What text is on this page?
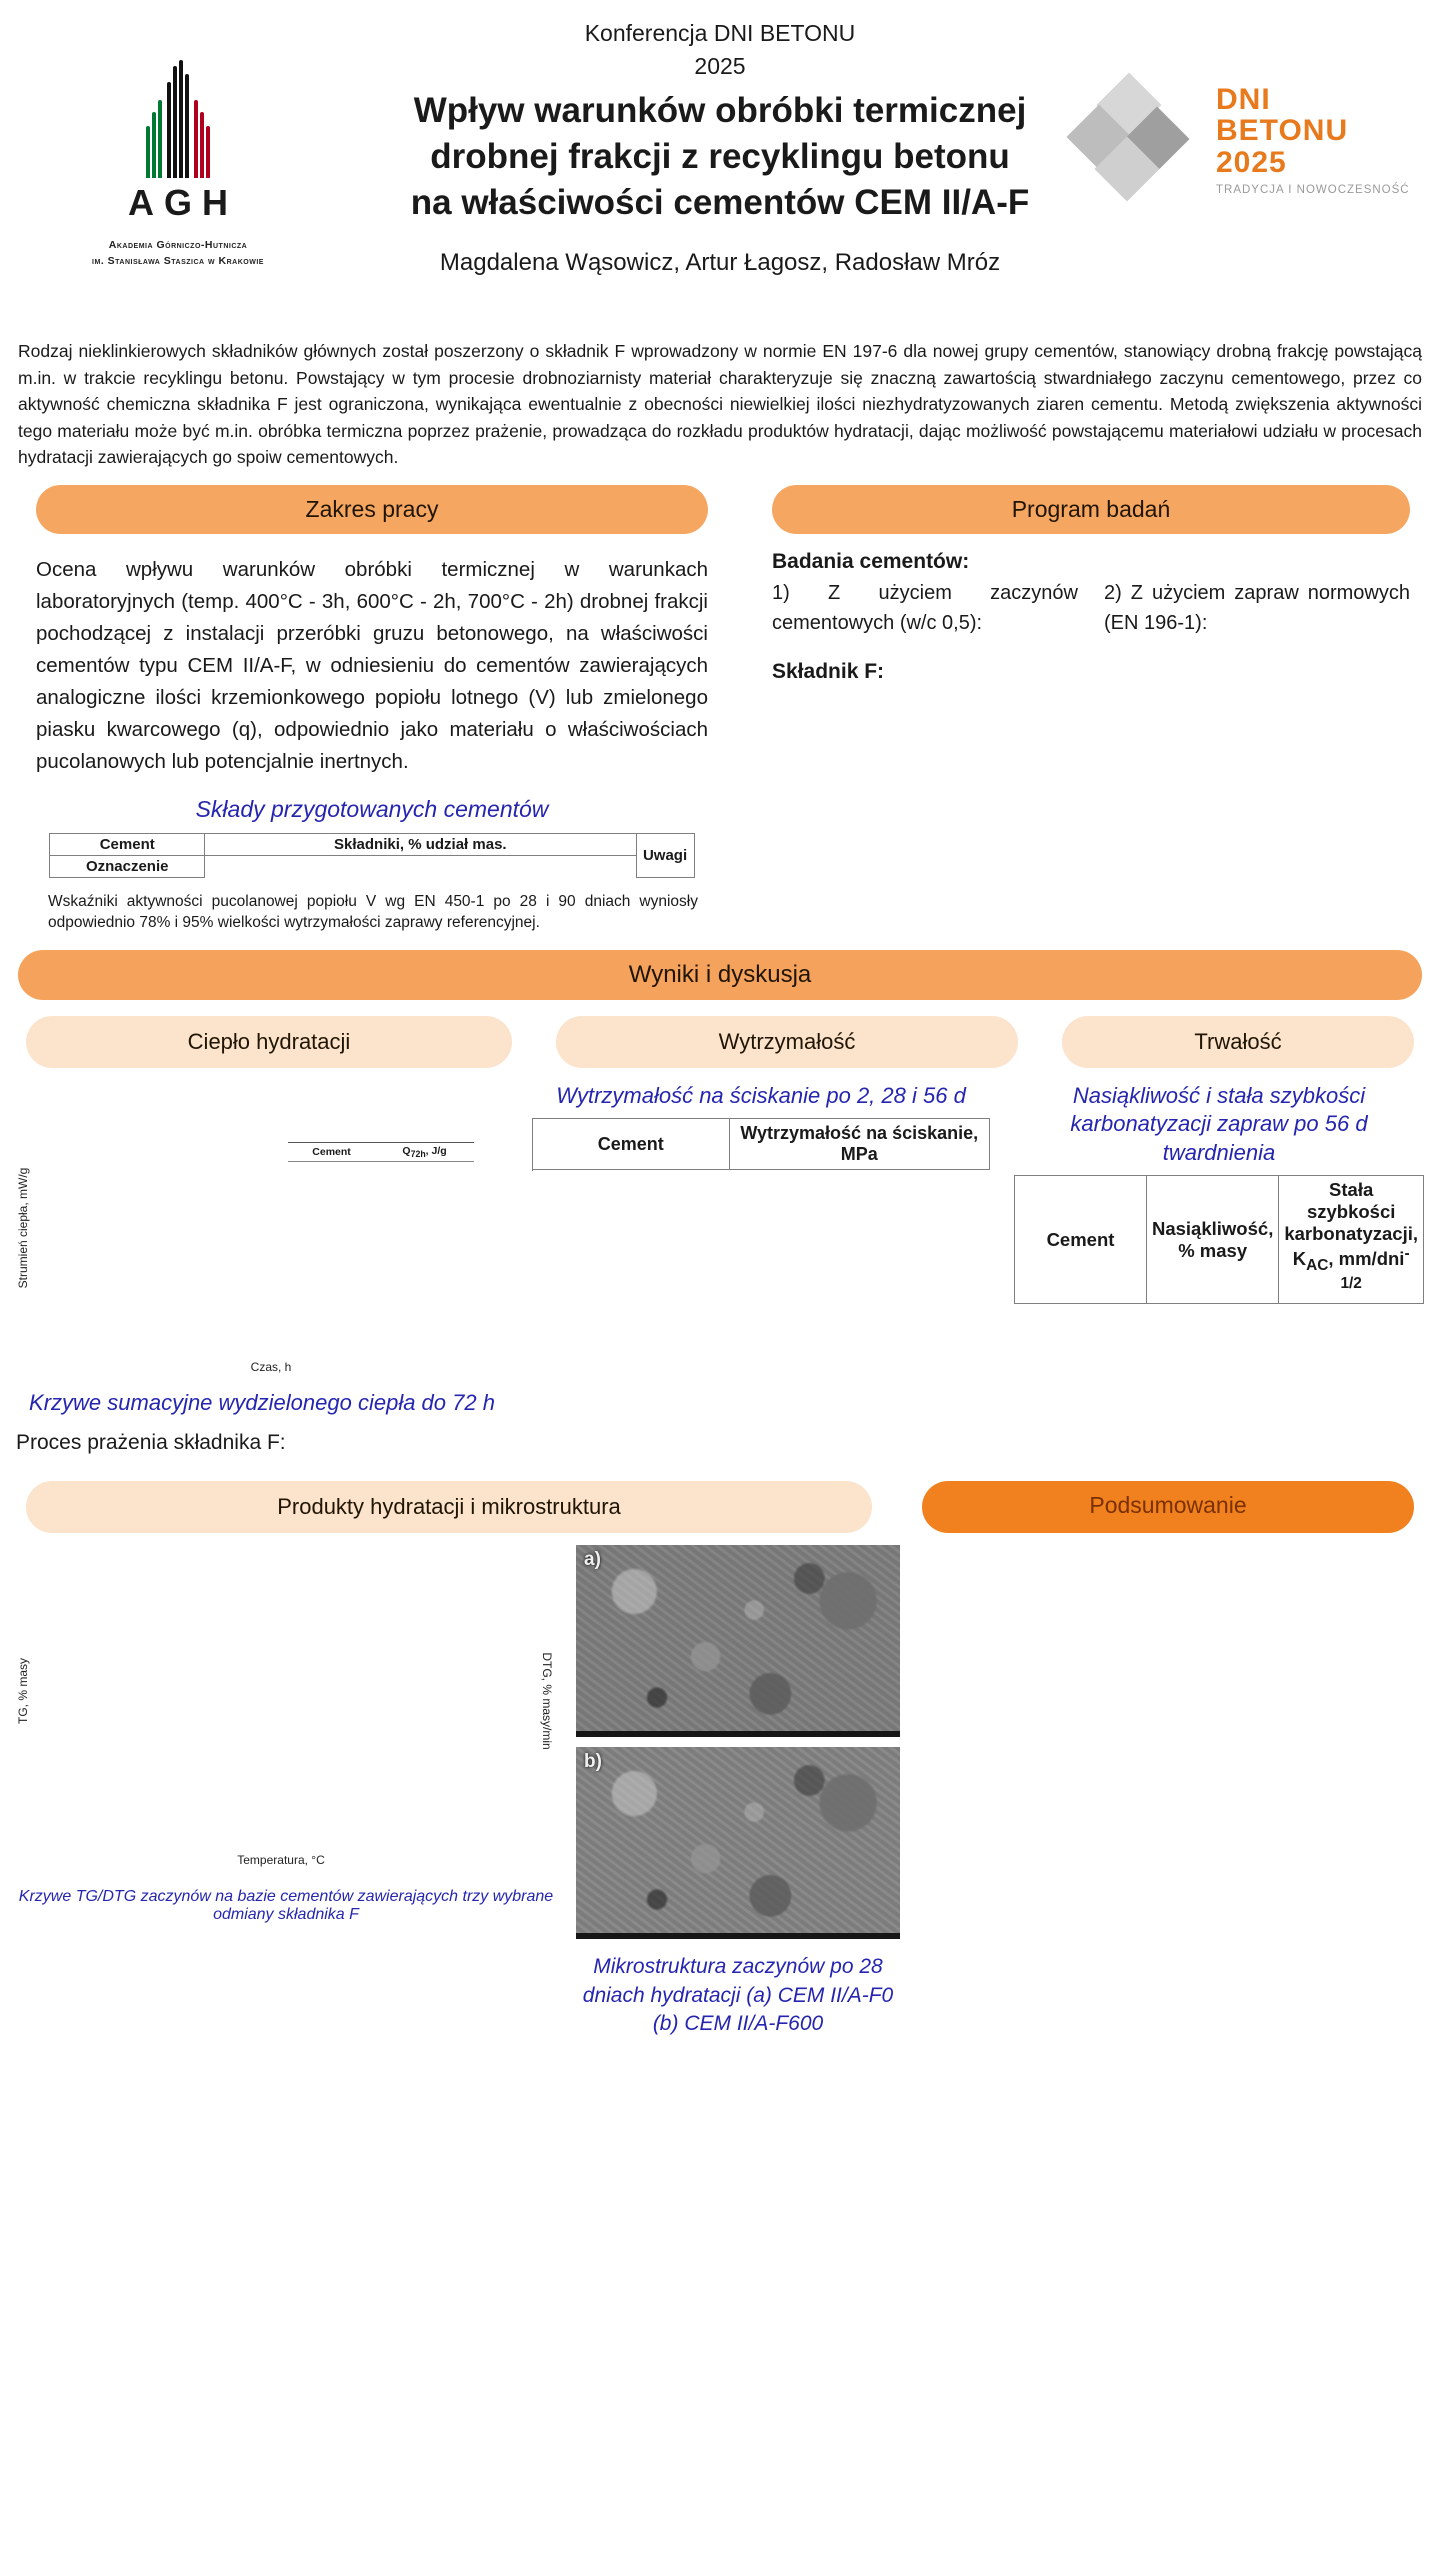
AGH
Akademia Górniczo-Hutnicza
im. Stanisława Staszica w Krakowie
Konferencja DNI BETONU
2025
Wpływ warunków obróbki termicznej
drobnej frakcji z recyklingu betonu
na właściwości cementów CEM II/A-F
Magdalena Wąsowicz, Artur Łagosz, Radosław Mróz
DNI
BETONU
2025
TRADYCJA I NOWOCZESNOŚĆ

Rodzaj nieklinkierowych składników głównych został poszerzony o składnik F wprowadzony w normie EN 197-6 dla nowej grupy cementów, stanowiący drobną frakcję powstającą m.in. w trakcie recyklingu betonu. Powstający w tym procesie drobnoziarnisty materiał charakteryzuje się znaczną zawartością stwardniałego zaczynu cementowego, przez co aktywność chemiczna składnika F jest ograniczona, wynikająca ewentualnie z obecności niewielkiej ilości niezhydratyzowanych ziaren cementu. Metodą zwiększenia aktywności tego materiału może być m.in. obróbka termiczna poprzez prażenie, prowadząca do rozkładu produktów hydratacji, dając możliwość powstającemu materiałowi udziału w procesach hydratacji zawierających go spoiw cementowych.

Zakres pracy

Ocena wpływu warunków obróbki termicznej w warunkach laboratoryjnych (temp. 400°C - 3h, 600°C - 2h, 700°C - 2h) drobnej frakcji pochodzącej z instalacji przeróbki gruzu betonowego, na właściwości cementów typu CEM II/A-F, w odniesieniu do cementów zawierających analogiczne ilości krzemionkowego popiołu lotnego (V) lub zmielonego piasku kwarcowego (q), odpowiednio jako materiału o właściwościach pucolanowych lub potencjalnie inertnych.

Składy przygotowanych cementów
Cement	Składniki, % udział mas.	Uwagi
Oznaczenie

Wskaźniki aktywności pucolanowej popiołu V wg EN 450-1 po 28 i 90 dniach wyniosły odpowiednio 78% i 95% wielkości wytrzymałości zaprawy referencyjnej.

Program badań

Badania cementów:

1) Z użyciem zaczynów cementowych (w/c 0,5):

2) Z użyciem zapraw normowych (EN 196-1):

Składnik F:

Wyniki i dyskusja
Ciepło hydratacji	Wytrzymałość	Trwałość
Strumień ciepła, mW/g
Czas, h
Cement	$Q_{72h}$, J/g
Krzywe sumacyjne wydzielonego ciepła do 72 h

Proces prażenia składnika F:

Wytrzymałość na ściskanie po 2, 28 i 56 d
Cement	Wytrzymałość na ściskanie, MPa

Nasiąkliwość i stała szybkości
karbonatyzacji zapraw po 56 d twardnienia
Cement	Nasiąkliwość, % masy	Stała szybkości
karbonatyzacji,
$K_{AC}$, mm/dni$^{-1/2}$
Produkty hydratacji i mikrostruktura	Podsumowanie
TG, % masy	DTG, % masy/min
Temperatura, °C
Krzywe TG/DTG zaczynów na bazie cementów zawierających trzy wybrane odmiany składnika F
a)
b)
Mikrostruktura zaczynów po 28 dniach hydratacji (a) CEM II/A-F0 (b) CEM II/A-F600
